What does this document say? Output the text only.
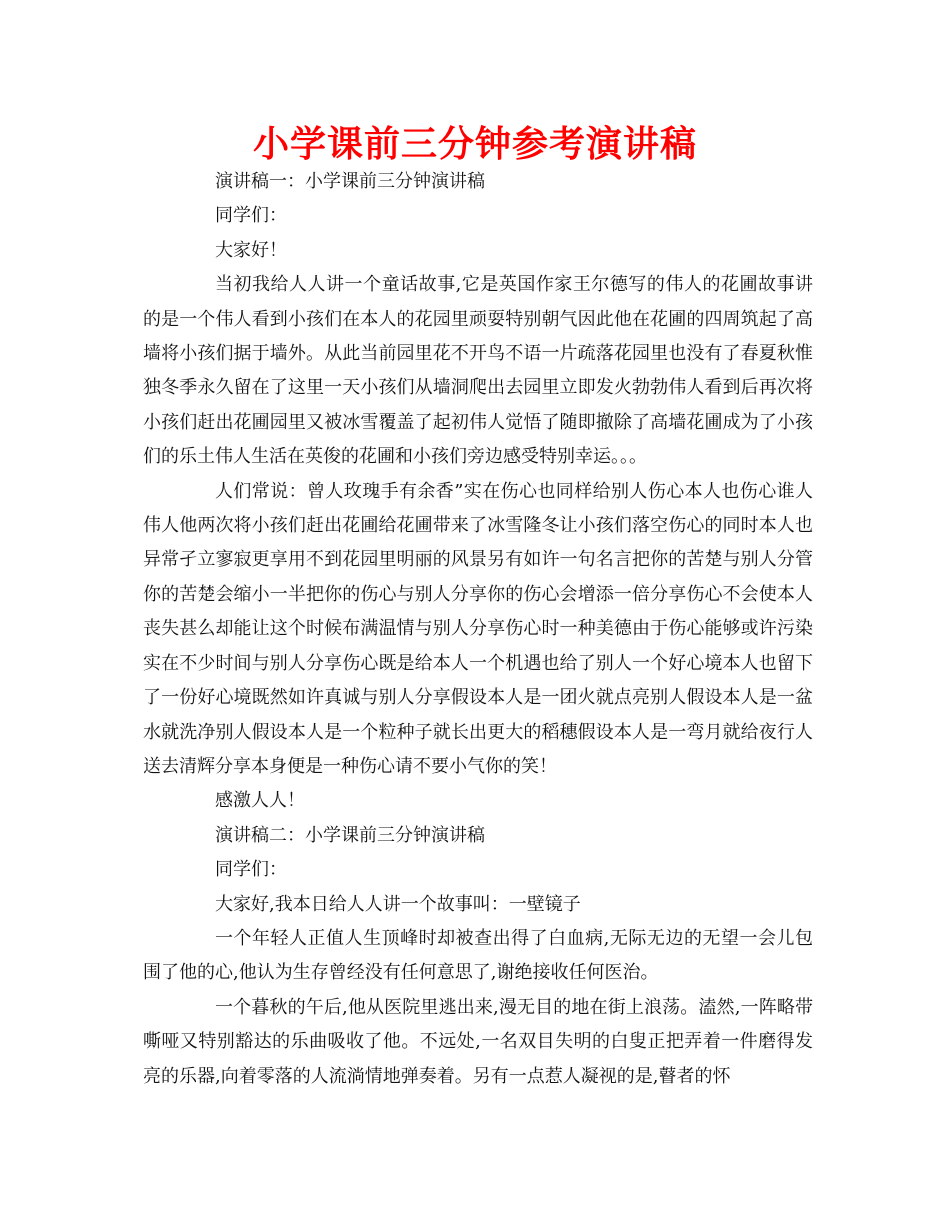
小学课前三分钟参考演讲稿

演讲稿一：小学课前三分钟演讲稿

同学们：

大家好！

当初我给人人讲一个童话故事,它是英国作家王尔德写的伟人的花圃故事讲的是一个伟人看到小孩们在本人的花园里顽耍特别朝气因此他在花圃的四周筑起了高墙将小孩们据于墙外。从此当前园里花不开鸟不语一片疏落花园里也没有了春夏秋惟独冬季永久留在了这里一天小孩们从墙洞爬出去园里立即发火勃勃伟人看到后再次将小孩们赶出花圃园里又被冰雪覆盖了起初伟人觉悟了随即撤除了高墙花圃成为了小孩们的乐土伟人生活在英俊的花圃和小孩们旁边感受特别幸运。。。

人们常说：曾人玫瑰手有余香”实在伤心也同样给别人伤心本人也伤心谁人伟人他两次将小孩们赶出花圃给花圃带来了冰雪隆冬让小孩们落空伤心的同时本人也异常孑立寥寂更享用不到花园里明丽的风景另有如许一句名言把你的苦楚与别人分管你的苦楚会缩小一半把你的伤心与别人分享你的伤心会增添一倍分享伤心不会使本人丧失甚么却能让这个时候布满温情与别人分享伤心时一种美德由于伤心能够或许污染实在不少时间与别人分享伤心既是给本人一个机遇也给了别人一个好心境本人也留下了一份好心境既然如许真诚与别人分享假设本人是一团火就点亮别人假设本人是一盆水就洗净别人假设本人是一个粒种子就长出更大的稻穗假设本人是一弯月就给夜行人送去清辉分享本身便是一种伤心请不要小气你的笑！

感激人人！

演讲稿二：小学课前三分钟演讲稿

同学们：

大家好,我本日给人人讲一个故事叫：一壁镜子

一个年轻人正值人生顶峰时却被查出得了白血病,无际无边的无望一会儿包围了他的心,他认为生存曾经没有任何意思了,谢绝接收任何医治。

一个暮秋的午后,他从医院里逃出来,漫无目的地在街上浪荡。溘然,一阵略带嘶哑又特别豁达的乐曲吸收了他。不远处,一名双目失明的白叟正把弄着一件磨得发亮的乐器,向着零落的人流淌情地弹奏着。另有一点惹人凝视的是,瞽者的怀
